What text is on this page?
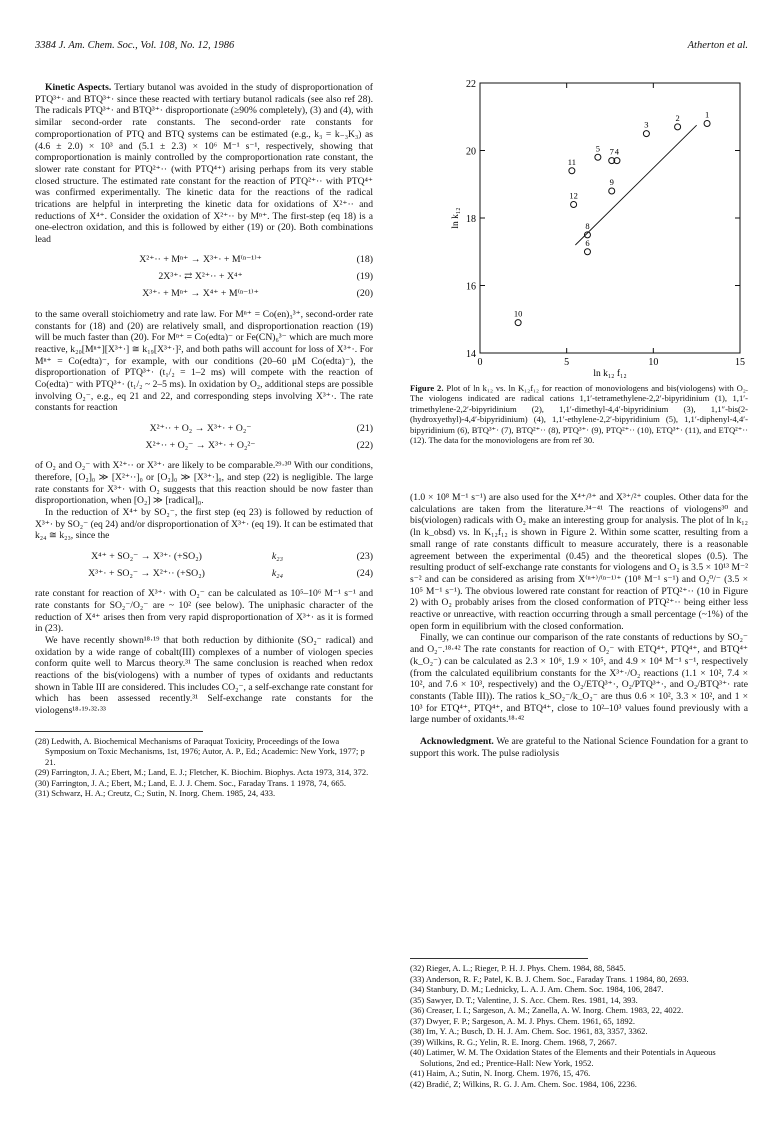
3384 J. Am. Chem. Soc., Vol. 108, No. 12, 1986	Atherton et al.

Kinetic Aspects. Tertiary butanol was avoided in the study of disproportionation of PTQ³⁺· and BTQ³⁺· since these reacted with tertiary butanol radicals (see also ref 28). The radicals PTQ³⁺· and BTQ³⁺· disproportionate (≥90% completely), (3) and (4), with similar second-order rate constants. The second-order rate constants for comproportionation of PTQ and BTQ systems can be estimated (e.g., k₃ = k₋₃K₃) as (4.6 ± 2.0) × 10³ and (5.1 ± 2.3) × 10⁶ M⁻¹ s⁻¹, respectively, showing that comproportionation is mainly controlled by the comproportionation rate constant, the slower rate constant for PTQ²⁺·· (with PTQ⁴⁺) arising perhaps from its very stable closed structure. The estimated rate constant for the reaction of PTQ²⁺·· with PTQ⁴⁺ was confirmed experimentally. The kinetic data for the reactions of the radical trications are helpful in interpreting the kinetic data for oxidations of X²⁺·· and reductions of X⁴⁺. Consider the oxidation of X²⁺·· by Mⁿ⁺. The first-step (eq 18) is a one-electron oxidation, and this is followed by either (19) or (20). Both combinations lead

X²⁺·· + Mⁿ⁺ → X³⁺· + M⁽ⁿ⁻¹⁾⁺	(18)
2X³⁺· ⇄ X²⁺·· + X⁴⁺	(19)
X³⁺· + Mⁿ⁺ → X⁴⁺ + M⁽ⁿ⁻¹⁾⁺	(20)

to the same overall stoichiometry and rate law. For Mⁿ⁺ = Co(en)₃³⁺, second-order rate constants for (18) and (20) are relatively small, and disproportionation reaction (19) will be much faster than (20). For Mⁿ⁺ = Co(edta)⁻ or Fe(CN)₆³⁻ which are much more reactive, k₂₀[Mⁿ⁺][X³⁺·] ≅ k₁₉[X³⁺·]², and both paths will account for loss of X³⁺·. For Mⁿ⁺ = Co(edta)⁻, for example, with our conditions (20–60 μM Co(edta)⁻), the disproportionation of PTQ³⁺· (t₁/₂ = 1–2 ms) will compete with the reaction of Co(edta)⁻ with PTQ³⁺· (t₁/₂ ~ 2–5 ms). In oxidation by O₂, additional steps are possible involving O₂⁻, e.g., eq 21 and 22, and corresponding steps involving X³⁺·. The rate constants for reaction

X²⁺·· + O₂ → X³⁺· + O₂⁻	(21)
X²⁺·· + O₂⁻ → X³⁺· + O₂²⁻	(22)

of O₂ and O₂⁻ with X²⁺·· or X³⁺· are likely to be comparable.²⁹·³⁰ With our conditions, therefore, [O₂]₀ ≫ [X²⁺··]₀ or [O₂]₀ ≫ [X³⁺·]₀, and step (22) is negligible. The large rate constants for X³⁺· with O₂ suggests that this reaction should be now faster than disproportionation, when [O₂] ≫ [radical]₀.

In the reduction of X⁴⁺ by SO₂⁻, the first step (eq 23) is followed by reduction of X³⁺· by SO₂⁻ (eq 24) and/or disproportionation of X³⁺· (eq 19). It can be estimated that k₂₄ ≅ k₂₃, since the

X⁴⁺ + SO₂⁻ → X³⁺· (+SO₂)	k₂₃	(23)
X³⁺· + SO₂⁻ → X²⁺·· (+SO₂)	k₂₄	(24)

rate constant for reaction of X³⁺· with O₂⁻ can be calculated as 10⁵–10⁶ M⁻¹ s⁻¹ and rate constants for SO₂⁻/O₂⁻ are ~ 10² (see below). The uniphasic character of the reduction of X⁴⁺ arises then from very rapid disproportionation of X³⁺· as it is formed in (23).

We have recently shown¹⁸·¹⁹ that both reduction by dithionite (SO₂⁻ radical) and oxidation by a wide range of cobalt(III) complexes of a number of viologen species conform quite well to Marcus theory.³¹ The same conclusion is reached when redox reactions of the bis(viologens) with a number of types of oxidants and reductants shown in Table III are considered. This includes CO₂⁻, a self-exchange rate constant for which has been assessed recently.³¹ Self-exchange rate constants for the viologens¹⁸·¹⁹·³²·³³

(28) Ledwith, A. Biochemical Mechanisms of Paraquat Toxicity, Proceedings of the Iowa Symposium on Toxic Mechanisms, 1st, 1976; Autor, A. P., Ed.; Academic: New York, 1977; p 21.
(29) Farrington, J. A.; Ebert, M.; Land, E. J.; Fletcher, K. Biochim. Biophys. Acta 1973, 314, 372.
(30) Farrington, J. A.; Ebert, M.; Land, E. J. J. Chem. Soc., Faraday Trans. 1 1978, 74, 665.
(31) Schwarz, H. A.; Creutz, C.; Sutin, N. Inorg. Chem. 1985, 24, 433.
0	5	10	15
14
16
18
20
22
ln k₁₂ f₁₂
ln k₁₂
1
2
3
4
5
6
7
8
9
10
11
12
Figure 2. Plot of ln k₁₂ vs. ln K₁₂f₁₂ for reaction of monoviologens and bis(viologens) with O₂. The viologens indicated are radical cations 1,1′-tetramethylene-2,2′-bipyridinium (1), 1,1′-trimethylene-2,2′-bipyridinium (2), 1,1′-dimethyl-4,4′-bipyridinium (3), 1,1″-bis(2-(hydroxyethyl)-4,4′-bipyridinium) (4), 1,1′-ethylene-2,2′-bipyridinium (5), 1,1′-diphenyl-4,4′-bipyridinium (6), BTQ³⁺· (7), BTQ²⁺·· (8), PTQ³⁺· (9), PTQ²⁺·· (10), ETQ³⁺· (11), and ETQ²⁺·· (12). The data for the monoviologens are from ref 30.

(1.0 × 10⁸ M⁻¹ s⁻¹) are also used for the X⁴⁺/³⁺ and X³⁺/²⁺ couples. Other data for the calculations are taken from the literature.³⁴⁻⁴¹ The reactions of viologens³⁰ and bis(viologen) radicals with O₂ make an interesting group for analysis. The plot of ln k₁₂ (ln k_obsd) vs. ln K₁₂f₁₂ is shown in Figure 2. Within some scatter, resulting from a small range of rate constants difficult to measure accurately, there is a reasonable agreement between the experimental (0.45) and the theoretical slopes (0.5). The resulting product of self-exchange rate constants for viologens and O₂ is 3.5 × 10¹³ M⁻² s⁻² and can be considered as arising from X⁽ⁿ⁺⁾/⁽ⁿ⁻¹⁾⁺ (10⁸ M⁻¹ s⁻¹) and O₂⁰/⁻ (3.5 × 10⁵ M⁻¹ s⁻¹). The obvious lowered rate constant for reaction of PTQ²⁺·· (10 in Figure 2) with O₂ probably arises from the closed conformation of PTQ²⁺·· being either less reactive or unreactive, with reaction occurring through a small percentage (~1%) of the open form in equilibrium with the closed conformation.

Finally, we can continue our comparison of the rate constants of reductions by SO₂⁻ and O₂⁻.¹⁸·⁴² The rate constants for reaction of O₂⁻ with ETQ⁴⁺, PTQ⁴⁺, and BTQ⁴⁺ (k_O₂⁻) can be calculated as 2.3 × 10⁶, 1.9 × 10⁵, and 4.9 × 10⁴ M⁻¹ s⁻¹, respectively (from the calculated equilibrium constants for the X³⁺·/O₂ reactions (1.1 × 10², 7.4 × 10², and 7.6 × 10³, respectively) and the O₂/ETQ³⁺·, O₂/PTQ³⁺·, and O₂/BTQ³⁺· rate constants (Table III)). The ratios k_SO₂⁻/k_O₂⁻ are thus 0.6 × 10², 3.3 × 10², and 1 × 10³ for ETQ⁴⁺, PTQ⁴⁺, and BTQ⁴⁺, close to 10²–10³ values found previously with a large number of oxidants.¹⁸·⁴²

Acknowledgment. We are grateful to the National Science Foundation for a grant to support this work. The pulse radiolysis

(32) Rieger, A. L.; Rieger, P. H. J. Phys. Chem. 1984, 88, 5845.
(33) Anderson, R. F.; Patel, K. B. J. Chem. Soc., Faraday Trans. 1 1984, 80, 2693.
(34) Stanbury, D. M.; Lednicky, L. A. J. Am. Chem. Soc. 1984, 106, 2847.
(35) Sawyer, D. T.; Valentine, J. S. Acc. Chem. Res. 1981, 14, 393.
(36) Creaser, I. I.; Sargeson, A. M.; Zanella, A. W. Inorg. Chem. 1983, 22, 4022.
(37) Dwyer, F. P.; Sargeson, A. M. J. Phys. Chem. 1961, 65, 1892.
(38) Im, Y. A.; Busch, D. H. J. Am. Chem. Soc. 1961, 83, 3357, 3362.
(39) Wilkins, R. G.; Yelin, R. E. Inorg. Chem. 1968, 7, 2667.
(40) Latimer, W. M. The Oxidation States of the Elements and their Potentials in Aqueous Solutions, 2nd ed.; Prentice-Hall: New York, 1952.
(41) Haim, A.; Sutin, N. Inorg. Chem. 1976, 15, 476.
(42) Bradić, Z; Wilkins, R. G. J. Am. Chem. Soc. 1984, 106, 2236.
